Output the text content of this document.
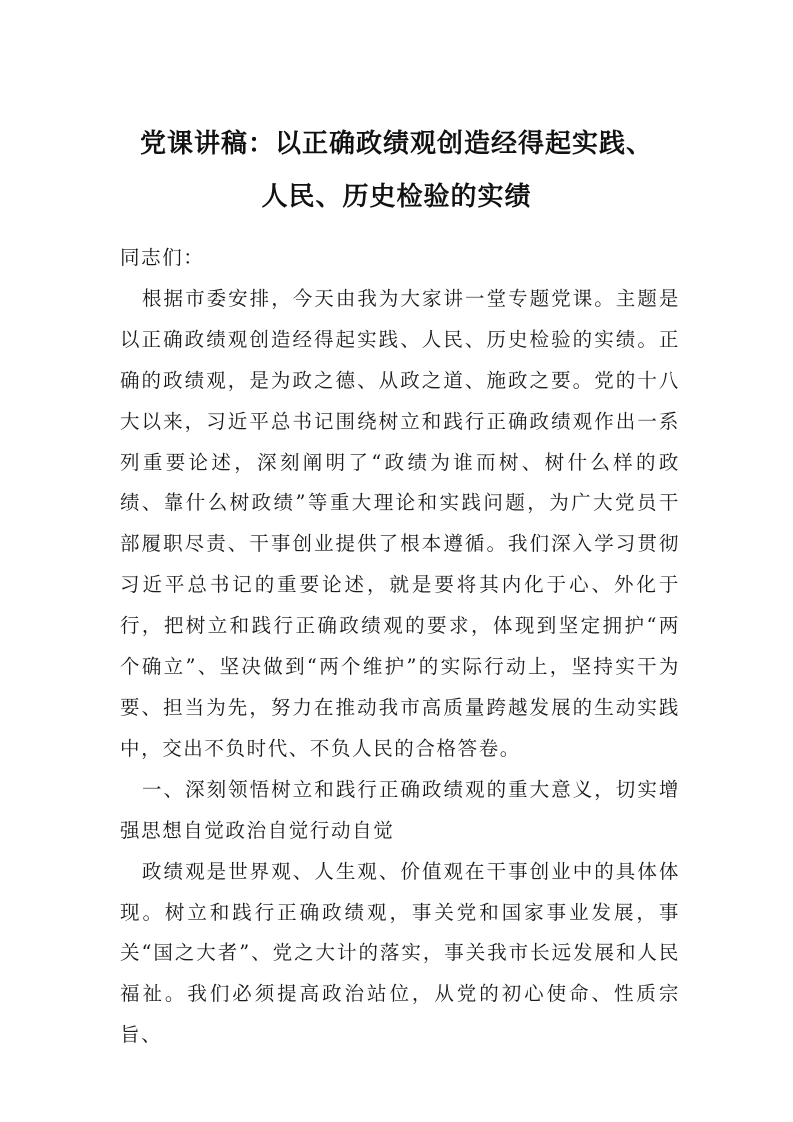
党课讲稿：以正确政绩观创造经得起实践、
人民、历史检验的实绩

同志们：

根据市委安排，今天由我为大家讲一堂专题党课。主题是以正确政绩观创造经得起实践、人民、历史检验的实绩。正确的政绩观，是为政之德、从政之道、施政之要。党的十八大以来，习近平总书记围绕树立和践行正确政绩观作出一系列重要论述，深刻阐明了“政绩为谁而树、树什么样的政绩、靠什么树政绩”等重大理论和实践问题，为广大党员干部履职尽责、干事创业提供了根本遵循。我们深入学习贯彻习近平总书记的重要论述，就是要将其内化于心、外化于行，把树立和践行正确政绩观的要求，体现到坚定拥护“两个确立”、坚决做到“两个维护”的实际行动上，坚持实干为要、担当为先，努力在推动我市高质量跨越发展的生动实践中，交出不负时代、不负人民的合格答卷。

一、深刻领悟树立和践行正确政绩观的重大意义，切实增强思想自觉政治自觉行动自觉

政绩观是世界观、人生观、价值观在干事创业中的具体体现。树立和践行正确政绩观，事关党和国家事业发展，事关“国之大者”、党之大计的落实，事关我市长远发展和人民福祉。我们必须提高政治站位，从党的初心使命、性质宗旨、
